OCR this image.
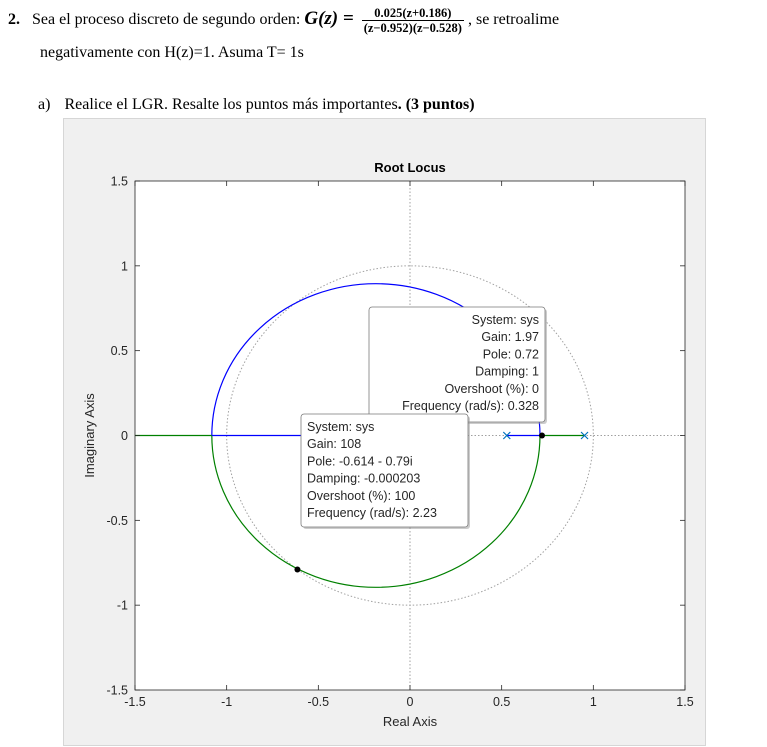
2. Sea el proceso discreto de segundo orden: $G(z) = \frac{0.025(z+0.186)}{(z-0.952)(z-0.528)}$ , se retroalime
negativamente con H(z)=1. Asuma T= 1s
a) Realice el LGR. Resalte los puntos más importantes. (3 puntos)
-1.5	-1	-0.5	0	0.5	1	1.5
1.5
1
0.5
0
-0.5
-1
-1.5
Root Locus
Real Axis
Imaginary Axis
System: sys
Gain: 1.97
Pole: 0.72
Damping: 1
Overshoot (%): 0
Frequency (rad/s): 0.328
System: sys
Gain: 108
Pole: -0.614 - 0.79i
Damping: -0.000203
Overshoot (%): 100
Frequency (rad/s): 2.23
